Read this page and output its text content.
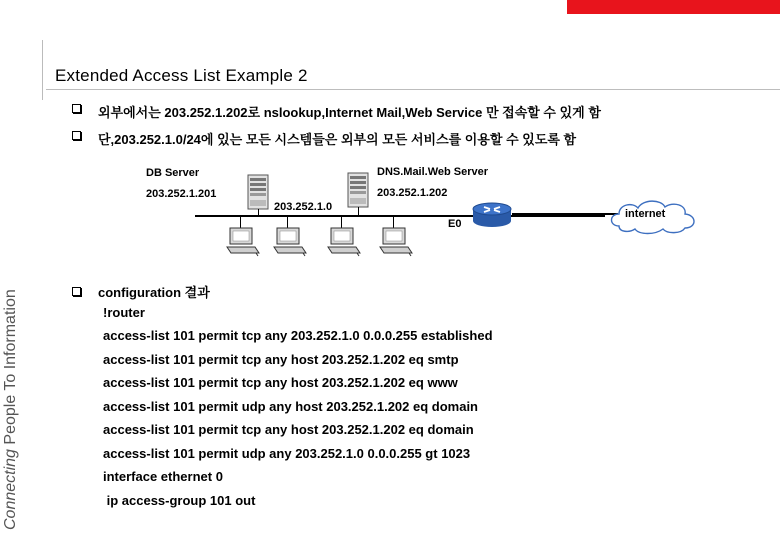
Extended Access List Example 2
Connecting People To Information
외부에서는 203.252.1.202로 nslookup,Internet Mail,Web Service 만 접속할 수 있게 함
단,203.252.1.0/24에 있는 모든 시스템들은 외부의 모든 서비스를 이용할 수 있도록 함
DB Server
203.252.1.201
DNS.Mail.Web Server
203.252.1.202
203.252.1.0
E0
internet
configuration 결과
!router
access-list 101 permit tcp any 203.252.1.0 0.0.0.255 established
access-list 101 permit tcp any host 203.252.1.202 eq smtp
access-list 101 permit tcp any host 203.252.1.202 eq www
access-list 101 permit udp any host 203.252.1.202 eq domain
access-list 101 permit tcp any host 203.252.1.202 eq domain
access-list 101 permit udp any 203.252.1.0 0.0.0.255 gt 1023
interface ethernet 0
ip access-group 101 out
